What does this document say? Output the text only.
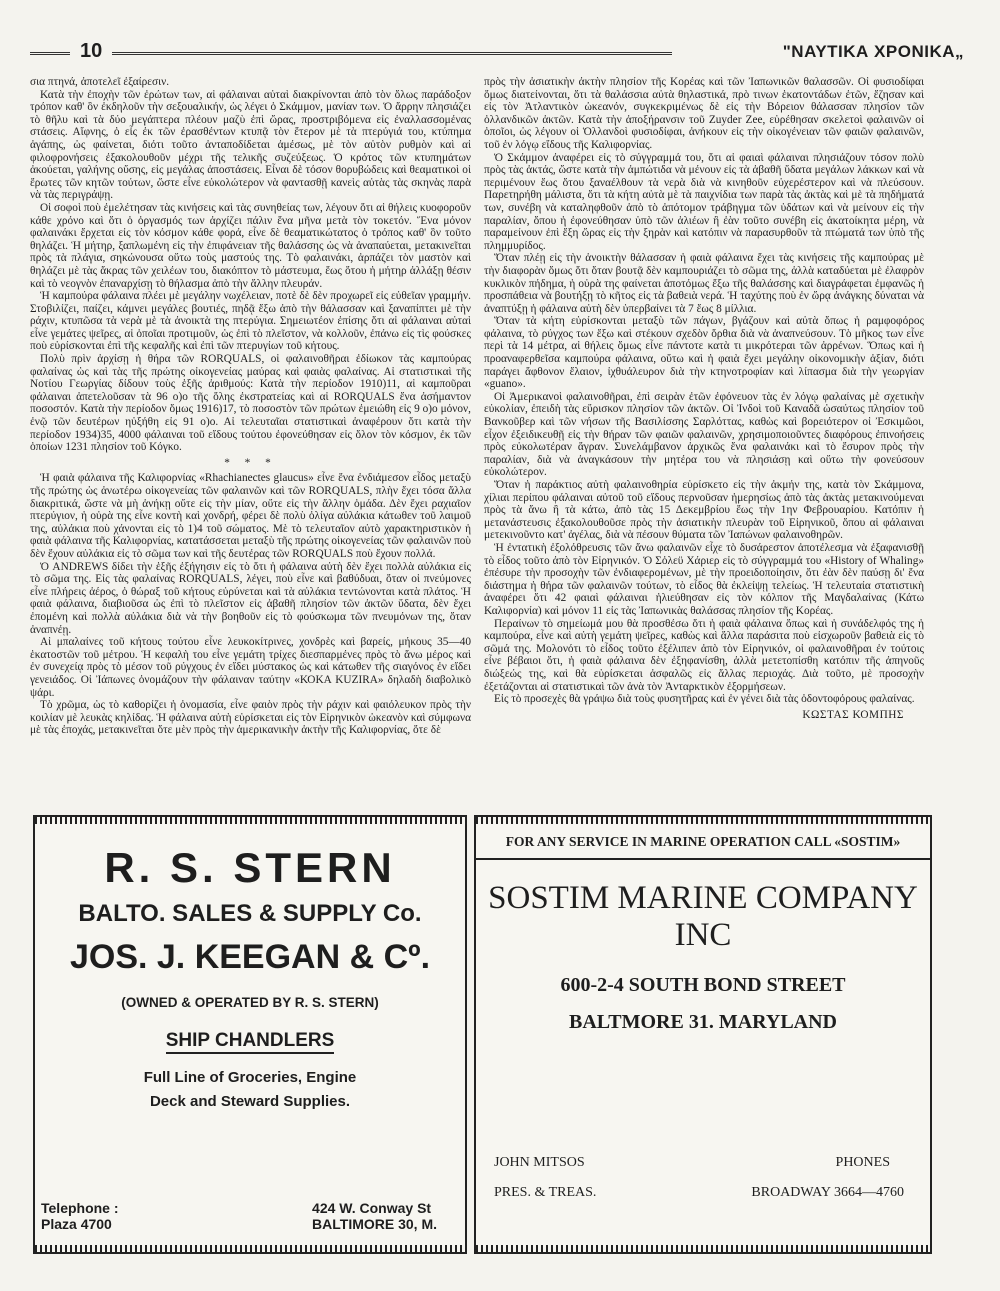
10	"ΝΑΥΤΙΚΑ ΧΡΟΝΙΚΑ„

σια πτηνά, ἀποτελεῖ ἐξαίρεσιν.

Κατὰ τὴν ἐποχὴν τῶν ἐρώτων των, αἱ φάλαιναι αὐταὶ διακρίνονται ἀπὸ τὸν ὅλως παράδοξον τρόπον καθ' ὃν ἐκδηλοῦν τὴν σεξουαλικήν, ὡς λέγει ὁ Σκάμμον, μανίαν των. Ὁ ἄρρην πλησιάζει τὸ θῆλυ καὶ τὰ δύο μεγάπτερα πλέουν μαζὺ ἐπὶ ὥρας, προστριβόμενα εἰς ἐναλλασσομένας στάσεις. Αἴφνης, ὁ εἷς ἐκ τῶν ἐρασθέντων κτυπᾷ τὸν ἕτερον μὲ τὰ πτερύγιά του, κτύπημα ἀγάπης, ὡς φαίνεται, διότι τοῦτο ἀνταποδίδεται ἀμέσως, μὲ τὸν αὐτὸν ρυθμὸν καὶ αἱ φιλοφρονήσεις ἐξακολουθοῦν μέχρι τῆς τελικῆς συζεύξεως. Ὁ κρότος τῶν κτυπημάτων ἀκούεται, γαλήνης οὔσης, εἰς μεγάλας ἀποστάσεις. Εἶναι δὲ τόσον θορυβώδεις καὶ θεαματικοὶ οἱ ἔρωτες τῶν κητῶν τούτων, ὥστε εἶνε εὐκολώτερον νὰ φαντασθῇ κανεὶς αὐτὰς τὰς σκηνὰς παρὰ νὰ τὰς περιγράψῃ.

Οἱ σοφοὶ ποὺ ἐμελέτησαν τὰς κινήσεις καὶ τὰς συνηθείας των, λέγουν ὅτι αἱ θήλεις κυοφοροῦν κάθε χρόνο καὶ ὅτι ὁ ὀργασμός των ἀρχίζει πάλιν ἕνα μῆνα μετὰ τὸν τοκετόν. Ἕνα μόνον φαλαινάκι ἔρχεται εἰς τὸν κόσμον κάθε φορά, εἶνε δὲ θεαματικώτατος ὁ τρόπος καθ' ὃν τοῦτο θηλάζει. Ἡ μήτηρ, ξαπλωμένη εἰς τὴν ἐπιφάνειαν τῆς θαλάσσης ὡς νὰ ἀναπαύεται, μετακινεῖται πρὸς τὰ πλάγια, σηκώνουσα οὕτω τοὺς μαστούς της. Τὸ φαλαινάκι, ἁρπάζει τὸν μαστὸν καὶ θηλάζει μὲ τὰς ἄκρας τῶν χειλέων του, διακόπτον τὸ μάστευμα, ἕως ὅτου ἡ μήτηρ ἀλλάξῃ θέσιν καὶ τὸ νεογνὸν ἐπαναρχίσῃ τὸ θήλασμα ἀπὸ τὴν ἄλλην πλευράν.

Ἡ καμπούρα φάλαινα πλέει μὲ μεγάλην νωχέλειαν, ποτὲ δὲ δὲν προχωρεῖ εἰς εὐθεῖαν γραμμήν. Στοβιλίζει, παίζει, κάμνει μεγάλες βουτιές, πηδᾷ ἔξω ἀπὸ τὴν θάλασσαν καὶ ξαναπίπτει μὲ τὴν ράχιν, κτυπῶσα τὰ νερὰ μὲ τὰ ἀνοικτὰ της πτερύγια. Σημειωτέον ἐπίσης ὅτι αἱ φάλαιναι αὐταὶ εἶνε γεμάτες ψεῖρες, αἱ ὁποῖαι προτιμοῦν, ὡς ἐπὶ τὸ πλεῖστον, νὰ κολλοῦν, ἐπάνω εἰς τὶς φούσκες ποὺ εὑρίσκονται ἐπὶ τῆς κεφαλῆς καὶ ἐπὶ τῶν πτερυγίων τοῦ κήτους.

Πολὺ πρὶν ἀρχίσῃ ἡ θήρα τῶν RORQUALS, οἱ φαλαινοθῆραι ἐδίωκον τὰς καμπούρας φαλαίνας ὡς καὶ τὰς τῆς πρώτης οἰκογενείας μαύρας καὶ φαιὰς φαλαίνας. Αἱ στατιστικαὶ τῆς Νοτίου Γεωργίας δίδουν τοὺς ἑξῆς ἀριθμούς: Κατὰ τὴν περίοδον 1910)11, αἱ καμποῦραι φάλαιναι ἀπετελοῦσαν τὰ 96 ο)ο τῆς ὅλης ἐκστρατείας καὶ αἱ RORQUALS ἕνα ἀσήμαντον ποσοστόν. Κατὰ τὴν περίοδον ὅμως 1916)17, τὸ ποσοστὸν τῶν πρώτων ἐμειώθη εἰς 9 ο)ο μόνον, ἐνῷ τῶν δευτέρων ηὐξήθη εἰς 91 ο)ο. Αἱ τελευταῖαι στατιστικαὶ ἀναφέρουν ὅτι κατὰ τὴν περίοδον 1934)35, 4000 φάλαιναι τοῦ εἴδους τούτου ἐφονεύθησαν εἰς ὅλον τὸν κόσμον, ἐκ τῶν ὁποίων 1231 πλησίον τοῦ Κόγκο.

* * *

Ἡ φαιὰ φάλαινα τῆς Καλιφορνίας «Rhachianectes glaucus» εἶνε ἕνα ἐνδιάμεσον εἶδος μεταξὺ τῆς πρώτης ὡς ἀνωτέρω οἰκογενείας τῶν φαλαινῶν καὶ τῶν RORQUALS, πλὴν ἔχει τόσα ἄλλα διακριτικά, ὥστε νὰ μὴ ἀνήκῃ οὔτε εἰς τὴν μίαν, οὔτε εἰς τὴν ἄλλην ὁμάδα. Δὲν ἔχει ραχιαῖον πτερύγιον, ἡ οὐρὰ της εἶνε κοντὴ καὶ χονδρή, φέρει δὲ πολὺ ὀλίγα αὐλάκια κάτωθεν τοῦ λαιμοῦ της, αὐλάκια ποὺ χάνονται εἰς τὸ 1)4 τοῦ σώματος. Μὲ τὸ τελευταῖον αὐτὸ χαρακτηριστικὸν ἡ φαιὰ φάλαινα τῆς Καλιφορνίας, κατατάσσεται μεταξὺ τῆς πρώτης οἰκογενείας τῶν φαλαινῶν ποὺ δὲν ἔχουν αὐλάκια εἰς τὸ σῶμα των καὶ τῆς δευτέρας τῶν RORQUALS ποὺ ἔχουν πολλά.

Ὁ ANDREWS δίδει τὴν ἑξῆς ἐξήγησιν εἰς τὸ ὅτι ἡ φάλαινα αὐτὴ δὲν ἔχει πολλὰ αὐλάκια εἰς τὸ σῶμα της. Εἰς τὰς φαλαίνας RORQUALS, λέγει, ποὺ εἶνε καὶ βαθύδυαι, ὅταν οἱ πνεύμονες εἶνε πλήρεις ἀέρος, ὁ θώραξ τοῦ κήτους εὐρύνεται καὶ τὰ αὐλάκια τεντώνονται κατὰ πλάτος. Ἡ φαιὰ φάλαινα, διαβιοῦσα ὡς ἐπὶ τὸ πλεῖστον εἰς ἀβαθῆ πλησίον τῶν ἀκτῶν ὕδατα, δὲν ἔχει ἐπομένη καὶ πολλὰ αὐλάκια διὰ νὰ τὴν βοηθοῦν εἰς τὸ φούσκωμα τῶν πνευμόνων της, ὅταν ἀναπνέῃ.

Αἱ μπαλαίνες τοῦ κήτους τούτου εἶνε λευκοκίτρινες, χονδρὲς καὶ βαρείς, μήκους 35—40 ἑκατοστῶν τοῦ μέτρου. Ἡ κεφαλὴ του εἶνε γεμάτη τρίχες διεσπαρμένες πρὸς τὸ ἄνω μέρος καὶ ἐν συνεχείᾳ πρὸς τὸ μέσον τοῦ ρύγχους ἐν εἴδει μύστακος ὡς καὶ κάτωθεν τῆς σιαγόνος ἐν εἴδει γενειάδος. Οἱ Ἰάπωνες ὀνομάζουν τὴν φάλαιναν ταύτην «ΚΟΚΑ KUZIRA» δηλαδὴ διαβολικὸ ψάρι.

Τὸ χρῶμα, ὡς τὸ καθορίζει ἡ ὀνομασία, εἶνε φαιὸν πρὸς τὴν ράχιν καὶ φαιόλευκον πρὸς τὴν κοιλίαν μὲ λευκὰς κηλίδας. Ἡ φάλαινα αὐτὴ εὑρίσκεται εἰς τὸν Εἰρηνικὸν ὠκεανὸν καὶ σύμφωνα μὲ τὰς ἐποχάς, μετακινεῖται ὅτε μὲν πρὸς τὴν ἀμερικανικὴν ἀκτὴν τῆς Καλιφορνίας, ὅτε δὲ

πρὸς τὴν ἀσιατικὴν ἀκτὴν πλησίον τῆς Κορέας καὶ τῶν Ἰαπωνικῶν θαλασσῶν. Οἱ φυσιοδίφαι ὅμως διατείνονται, ὅτι τὰ θαλάσσια αὐτὰ θηλαστικά, πρὸ τινων ἑκατοντάδων ἐτῶν, ἔζησαν καὶ εἰς τὸν Ἀτλαντικὸν ὠκεανόν, συγκεκριμένως δὲ εἰς τὴν Βόρειον θάλασσαν πλησίον τῶν ὁλλανδικῶν ἀκτῶν. Κατὰ τὴν ἀποξήρανσιν τοῦ Zuyder Zee, εὑρέθησαν σκελετοὶ φαλαινῶν οἱ ὁποῖοι, ὡς λέγουν οἱ Ὁλλανδοὶ φυσιοδίφαι, ἀνήκουν εἰς τὴν οἰκογένειαν τῶν φαιῶν φαλαινῶν, τοῦ ἐν λόγῳ εἴδους τῆς Καλιφορνίας.

Ὁ Σκάμμον ἀναφέρει εἰς τὸ σύγγραμμά του, ὅτι αἱ φαιαὶ φάλαιναι πλησιάζουν τόσον πολὺ πρὸς τὰς ἀκτάς, ὥστε κατὰ τὴν ἀμπώτιδα νὰ μένουν εἰς τὰ ἀβαθῆ ὕδατα μεγάλων λάκκων καὶ νὰ περιμένουν ἕως ὅτου ξαναέλθουν τὰ νερὰ διὰ νὰ κινηθοῦν εὐχερέστερον καὶ νὰ πλεύσουν. Παρετηρήθη μάλιστα, ὅτι τὰ κήτη αὐτὰ μὲ τὰ παιχνίδια των παρὰ τὰς ἀκτὰς καὶ μὲ τὰ πηδήματά των, συνέβη νὰ καταληφθοῦν ἀπὸ τὸ ἀπότομον τράβηγμα τῶν ὑδάτων καὶ νὰ μείνουν εἰς τὴν παραλίαν, ὅπου ἡ ἐφονεύθησαν ὑπὸ τῶν ἁλιέων ἢ ἐὰν τοῦτο συνέβη εἰς ἀκατοίκητα μέρη, νὰ παραμείνουν ἐπὶ ἔξη ὥρας εἰς τὴν ξηρὰν καὶ κατόπιν νὰ παρασυρθοῦν τὰ πτώματά των ὑπὸ τῆς πλημμυρίδος.

Ὅταν πλέῃ εἰς τὴν ἀνοικτὴν θάλασσαν ἡ φαιὰ φάλαινα ἔχει τὰς κινήσεις τῆς καμπούρας μὲ τὴν διαφορὰν ὅμως ὅτι ὅταν βουτᾷ δὲν καμπουριάζει τὸ σῶμα της, ἀλλὰ καταδύεται μὲ ἐλαφρὸν κυκλικὸν πήδημα, ἡ οὐρὰ της φαίνεται ἀποτόμως ἔξω τῆς θαλάσσης καὶ διαγράφεται ἐμφανῶς ἡ προσπάθεια νὰ βουτήξῃ τὸ κῆτος εἰς τὰ βαθειὰ νερά. Ἡ ταχύτης ποὺ ἐν ὥρᾳ ἀνάγκης δύναται νὰ ἀναπτύξῃ ἡ φάλαινα αὐτὴ δὲν ὑπερβαίνει τὰ 7 ἕως 8 μίλλια.

Ὅταν τὰ κήτη εὑρίσκονται μεταξὺ τῶν πάγων, βγάζουν καὶ αὐτὰ ὅπως ἡ ραμφοφόρος φάλαινα, τὸ ρύγχος των ἔξω καὶ στέκουν σχεδὸν ὄρθια διὰ νὰ ἀναπνεύσουν. Τὸ μῆκος των εἶνε περὶ τὰ 14 μέτρα, αἱ θήλεις ὅμως εἶνε πάντοτε κατὰ τι μικρότεραι τῶν ἀρρένων. Ὅπως καὶ ἡ προαναφερθεῖσα καμπούρα φάλαινα, οὕτω καὶ ἡ φαιὰ ἔχει μεγάλην οἰκονομικὴν ἀξίαν, διότι παράγει ἄφθονον ἔλαιον, ἰχθυάλευρον διὰ τὴν κτηνοτροφίαν καὶ λίπασμα διὰ τὴν γεωργίαν «guano».

Οἱ Ἀμερικανοὶ φαλαινοθῆραι, ἐπὶ σειρὰν ἐτῶν ἐφόνευον τὰς ἐν λόγῳ φαλαίνας μὲ σχετικὴν εὐκολίαν, ἐπειδὴ τὰς εὕρισκον πλησίον τῶν ἀκτῶν. Οἱ Ἰνδοὶ τοῦ Καναδᾶ ὡσαύτως πλησίον τοῦ Βανκοῦβερ καὶ τῶν νήσων τῆς Βασιλίσσης Σαρλόττας, καθὼς καὶ βορειότερον οἱ Ἐσκιμῶοι, εἶχον ἐξειδικευθῇ εἰς τὴν θήραν τῶν φαιῶν φαλαινῶν, χρησιμοποιοῦντες διαφόρους ἐπινοήσεις πρὸς εὐκολωτέραν ἄγραν. Συνελάμβανον ἀρχικῶς ἕνα φαλαινάκι καὶ τὸ ἔσυρον πρὸς τὴν παραλίαν, διὰ νὰ ἀναγκάσουν τὴν μητέρα του νὰ πλησιάσῃ καὶ οὕτω τὴν φονεύσουν εὐκολώτερον.

Ὅταν ἡ παράκτιος αὐτὴ φαλαινοθηρία εὑρίσκετο εἰς τὴν ἀκμήν της, κατὰ τὸν Σκάμμονα, χίλιαι περίπου φάλαιναι αὐτοῦ τοῦ εἴδους περνοῦσαν ἡμερησίως ἀπὸ τὰς ἀκτὰς μετακινούμεναι πρὸς τὰ ἄνω ἢ τὰ κάτω, ἀπὸ τὰς 15 Δεκεμβρίου ἕως τὴν 1ην Φεβρουαρίου. Κατόπιν ἡ μετανάστευσις ἐξακολουθοῦσε πρὸς τὴν ἀσιατικὴν πλευρὰν τοῦ Εἰρηνικοῦ, ὅπου αἱ φάλαιναι μετεκινοῦντο κατ' ἀγέλας, διὰ νὰ πέσουν θύματα τῶν Ἰαπώνων φαλαινοθηρῶν.

Ἡ ἐντατικὴ ἐξολόθρευσις τῶν ἄνω φαλαινῶν εἶχε τὸ δυσάρεστον ἀποτέλεσμα νὰ ἐξαφανισθῇ τὸ εἶδος τοῦτο ἀπὸ τὸν Εἰρηνικόν. Ὁ Σὀλεϋ Χάριερ εἰς τὸ σύγγραμμά του «History of Whaling» ἐπέσυρε τὴν προσοχὴν τῶν ἐνδιαφερομένων, μὲ τὴν προειδοποίησιν, ὅτι ἐὰν δὲν παύσῃ δι' ἕνα διάστημα ἡ θήρα τῶν φαλαινῶν τούτων, τὸ εἶδος θὰ ἐκλείψῃ τελείως. Ἡ τελευταία στατιστικὴ ἀναφέρει ὅτι 42 φαιαὶ φάλαιναι ἡλιεύθησαν εἰς τὸν κόλπον τῆς Μαγδαλαίνας (Κάτω Καλιφορνία) καὶ μόνον 11 εἰς τὰς Ἰαπωνικὰς θαλάσσας πλησίον τῆς Κορέας.

Περαίνων τὸ σημείωμά μου θὰ προσθέσω ὅτι ἡ φαιὰ φάλαινα ὅπως καὶ ἡ συνάδελφός της ἡ καμπούρα, εἶνε καὶ αὐτὴ γεμάτη ψεῖρες, καθὼς καὶ ἄλλα παράσιτα ποὺ εἰσχωροῦν βαθειὰ εἰς τὸ σῶμά της. Μολονότι τὸ εἶδος τοῦτο ἐξέλιπεν ἀπὸ τὸν Εἰρηνικόν, οἱ φαλαινοθῆραι ἐν τούτοις εἶνε βέβαιοι ὅτι, ἡ φαιὰ φάλαινα δὲν ἐξηφανίσθη, ἀλλὰ μετετοπίσθη κατόπιν τῆς ἀπηνοῦς διώξεώς της, καὶ θὰ εὑρίσκεται ἀσφαλῶς εἰς ἄλλας περιοχάς. Διὰ τοῦτο, μὲ προσοχὴν ἐξετάζονται αἱ στατιστικαὶ τῶν ἀνὰ τὸν Ἀνταρκτικὸν ἐξορμήσεων.

Εἰς τὸ προσεχὲς θὰ γράψω διὰ τοὺς φυσητῆρας καὶ ἐν γένει διὰ τὰς ὀδοντοφόρους φαλαίνας.

ΚΩΣΤΑΣ ΚΟΜΠΗΣ

R. S. STERN
BALTO. SALES & SUPPLY Co.
JOS. J. KEEGAN & Cº.
(OWNED & OPERATED BY R. S. STERN)
SHIP CHANDLERS
Full Line of Groceries, Engine
Deck and Steward Supplies.
Telephone :
Plaza 4700
424 W. Conway St
BALTIMORE 30, M.
FOR ANY SERVICE IN MARINE OPERATION CALL «SOSTIM»
SOSTIM MARINE COMPANY INC
600-2-4 SOUTH BOND STREET
BALTMORE 31. MARYLAND
JOHN MITSOS	PHONES
PRES. & TREAS.	BROADWAY 3664—4760
